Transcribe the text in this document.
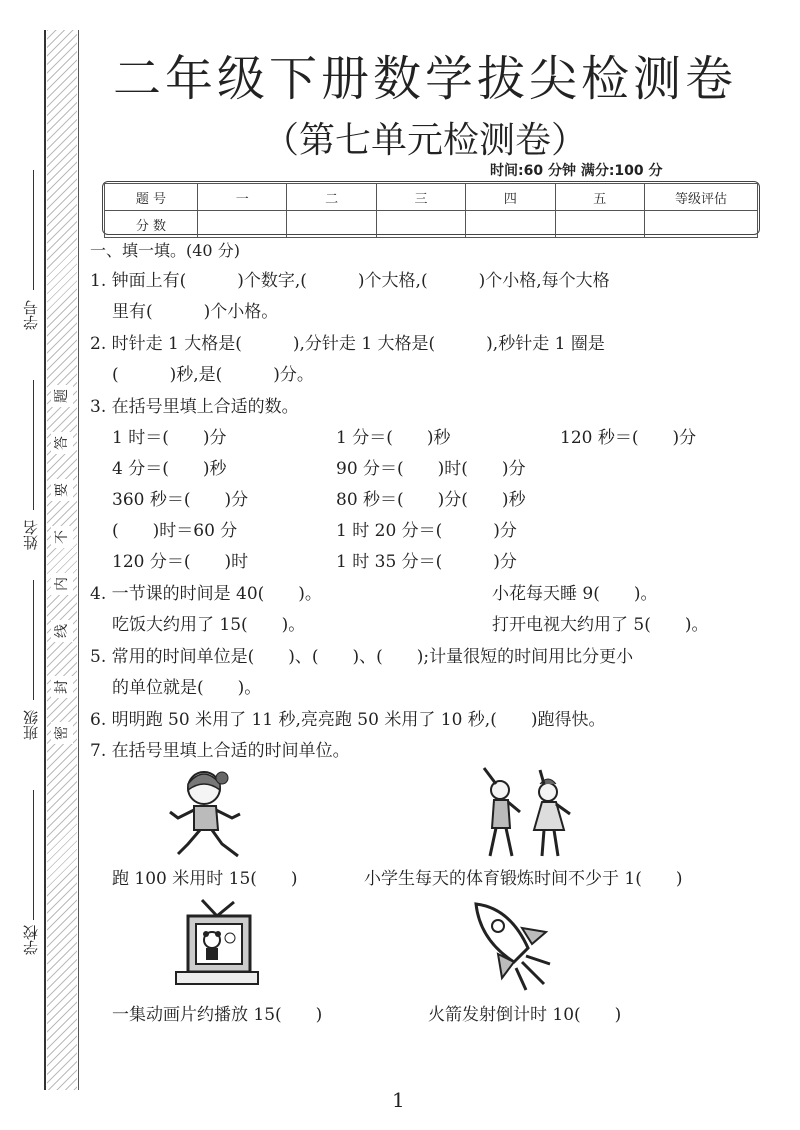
学号
姓名
班级
学校
题
答
要
不
内
线
封
密
二年级下册数学拔尖检测卷
（第七单元检测卷）
时间:60 分钟 满分:100 分
题 号	一	二	三	四	五	等级评估
分 数						
一、填一填。(40 分)
1. 钟面上有(　　　)个数字,(　　　)个大格,(　　　)个小格,每个大格
里有(　　　)个小格。
2. 时针走 1 大格是(　　　),分针走 1 大格是(　　　),秒针走 1 圈是
(　　　)秒,是(　　　)分。
3. 在括号里填上合适的数。
1 时＝(　　)分	1 分＝(　　)秒	120 秒＝(　　)分
4 分＝(　　)秒	90 分＝(　　)时(　　)分
360 秒＝(　　)分	80 秒＝(　　)分(　　)秒
(　　)时＝60 分	1 时 20 分＝(　　　)分
120 分＝(　　)时	1 时 35 分＝(　　　)分
4. 一节课的时间是 40(　　)。	小花每天睡 9(　　)。
吃饭大约用了 15(　　)。	打开电视大约用了 5(　　)。
5. 常用的时间单位是(　　)、(　　)、(　　);计量很短的时间用比分更小
的单位就是(　　)。
6. 明明跑 50 米用了 11 秒,亮亮跑 50 米用了 10 秒,(　　)跑得快。
7. 在括号里填上合适的时间单位。
跑 100 米用时 15(　　)	小学生每天的体育锻炼时间不少于 1(　　)
一集动画片约播放 15(　　)	火箭发射倒计时 10(　　)
1
